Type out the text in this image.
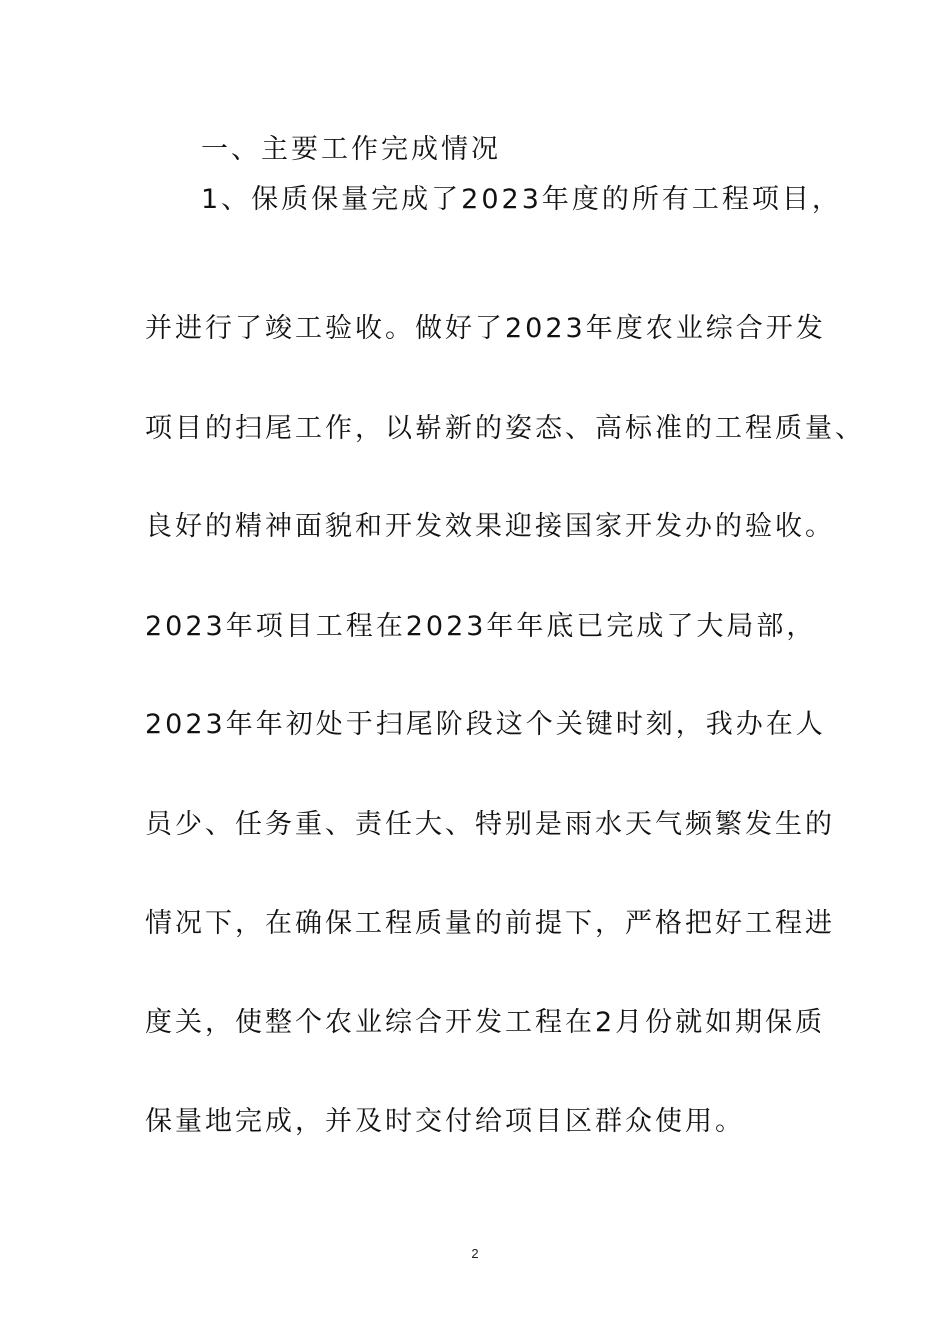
一、主要工作完成情况
1、保质保量完成了2023年度的所有工程项目，
并进行了竣工验收。做好了2023年度农业综合开发
项目的扫尾工作，以崭新的姿态、高标准的工程质量、
良好的精神面貌和开发效果迎接国家开发办的验收。
2023年项目工程在2023年年底已完成了大局部，
2023年年初处于扫尾阶段这个关键时刻，我办在人
员少、任务重、责任大、特别是雨水天气频繁发生的
情况下，在确保工程质量的前提下，严格把好工程进
度关，使整个农业综合开发工程在2月份就如期保质
保量地完成，并及时交付给项目区群众使用。
2
